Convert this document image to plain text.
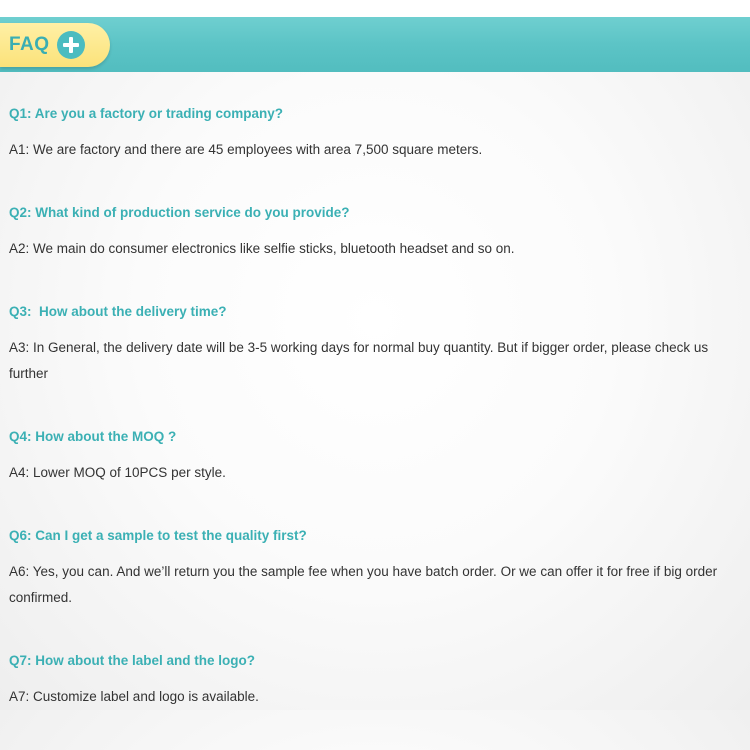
FAQ

Q1: Are you a factory or trading company?

A1: We are factory and there are 45 employees with area 7,500 square meters.

Q2: What kind of production service do you provide?

A2: We main do consumer electronics like selfie sticks, bluetooth headset and so on.

Q3:  How about the delivery time?

A3: In General, the delivery date will be 3-5 working days for normal buy quantity. But if bigger order, please check us further

Q4: How about the MOQ ?

A4: Lower MOQ of 10PCS per style.

Q6: Can I get a sample to test the quality first?

A6: Yes, you can. And we’ll return you the sample fee when you have batch order. Or we can offer it for free if big order confirmed.

Q7: How about the label and the logo?

A7: Customize label and logo is available.
